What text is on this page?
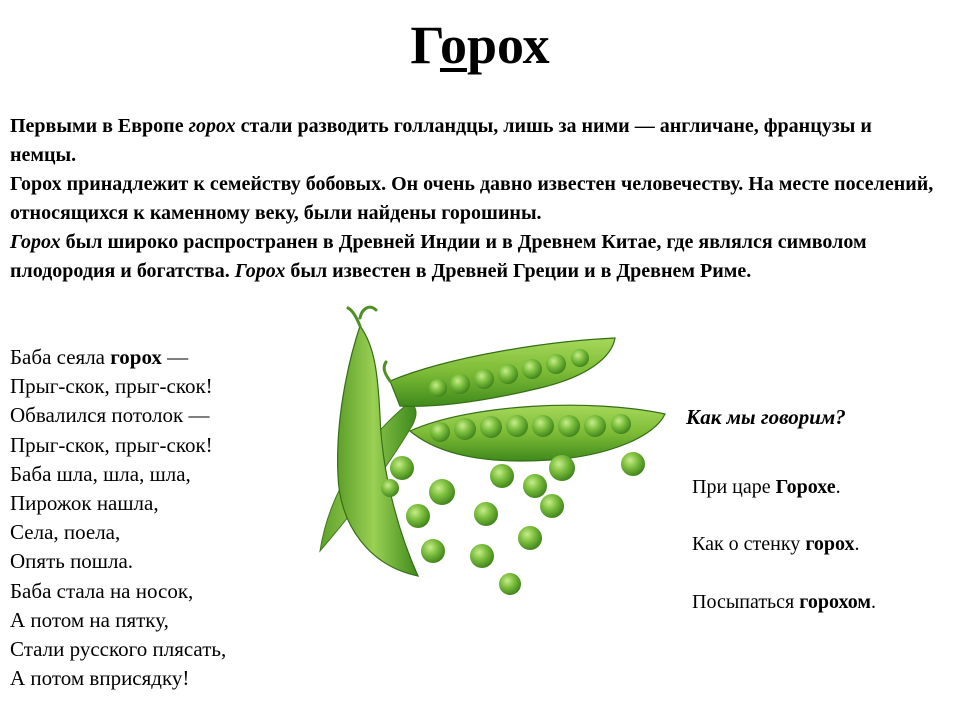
Горох

Первыми в Европе горох стали разводить голландцы, лишь за ними — англичане, французы и немцы.

Горох принадлежит к семейству бобовых. Он очень давно известен человечеству. На месте поселений, относящихся к каменному веку, были найдены горошины.

Горох был широко распространен в Древней Индии и в Древнем Китае, где являлся символом плодородия и богатства. Горох был известен в Древней Греции и в Древнем Риме.

Баба сеяла горох —
Прыг-скок, прыг-скок!
Обвалился потолок —
Прыг-скок, прыг-скок!
Баба шла, шла, шла,
Пирожок нашла,
Села, поела,
Опять пошла.
Баба стала на носок,
А потом на пятку,
Стали русского плясать,
А потом вприсядку!
Как мы говорим?
При царе Горохе.
Как о стенку горох.
Посыпаться горохом.
